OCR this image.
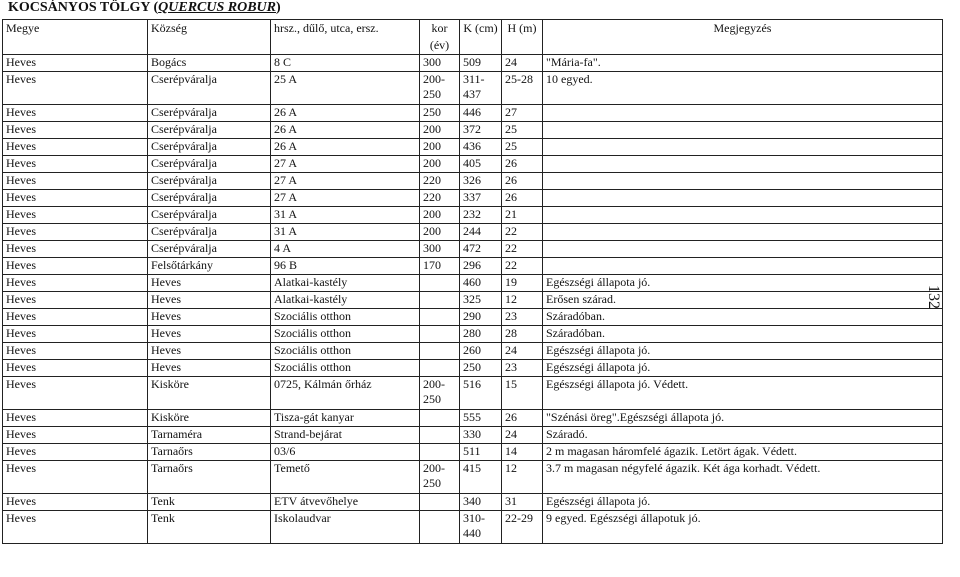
KOCSÁNYOS TÖLGY (QUERCUS ROBUR)
Megye	Község	hrsz., dűlő, utca, ersz.	kor (év)	K (cm)	H (m)	Megjegyzés
Heves	Bogács	8 C	300	509	24	"Mária-fa".
Heves	Cserépváralja	25 A	200-250	311-437	25-28	10 egyed.
Heves	Cserépváralja	26 A	250	446	27	
Heves	Cserépváralja	26 A	200	372	25	
Heves	Cserépváralja	26 A	200	436	25	
Heves	Cserépváralja	27 A	200	405	26	
Heves	Cserépváralja	27 A	220	326	26	
Heves	Cserépváralja	27 A	220	337	26	
Heves	Cserépváralja	31 A	200	232	21	
Heves	Cserépváralja	31 A	200	244	22	
Heves	Cserépváralja	4 A	300	472	22	
Heves	Felsőtárkány	96 B	170	296	22	
Heves	Heves	Alatkai-kastély		460	19	Egészségi állapota jó.
Heves	Heves	Alatkai-kastély		325	12	Erősen szárad.
Heves	Heves	Szociális otthon		290	23	Száradóban.
Heves	Heves	Szociális otthon		280	28	Száradóban.
Heves	Heves	Szociális otthon		260	24	Egészségi állapota jó.
Heves	Heves	Szociális otthon		250	23	Egészségi állapota jó.
Heves	Kisköre	0725, Kálmán őrház	200-250	516	15	Egészségi állapota jó. Védett.
Heves	Kisköre	Tisza-gát kanyar		555	26	"Szénási öreg".Egészségi állapota jó.
Heves	Tarnaméra	Strand-bejárat		330	24	Száradó.
Heves	Tarnaőrs	03/6		511	14	2 m magasan háromfelé ágazik. Letört ágak. Védett.
Heves	Tarnaőrs	Temető	200-250	415	12	3.7 m magasan négyfelé ágazik. Két ága korhadt. Védett.
Heves	Tenk	ETV átvevőhelye		340	31	Egészségi állapota jó.
Heves	Tenk	Iskolaudvar		310-440	22-29	9 egyed. Egészségi állapotuk jó.
132
